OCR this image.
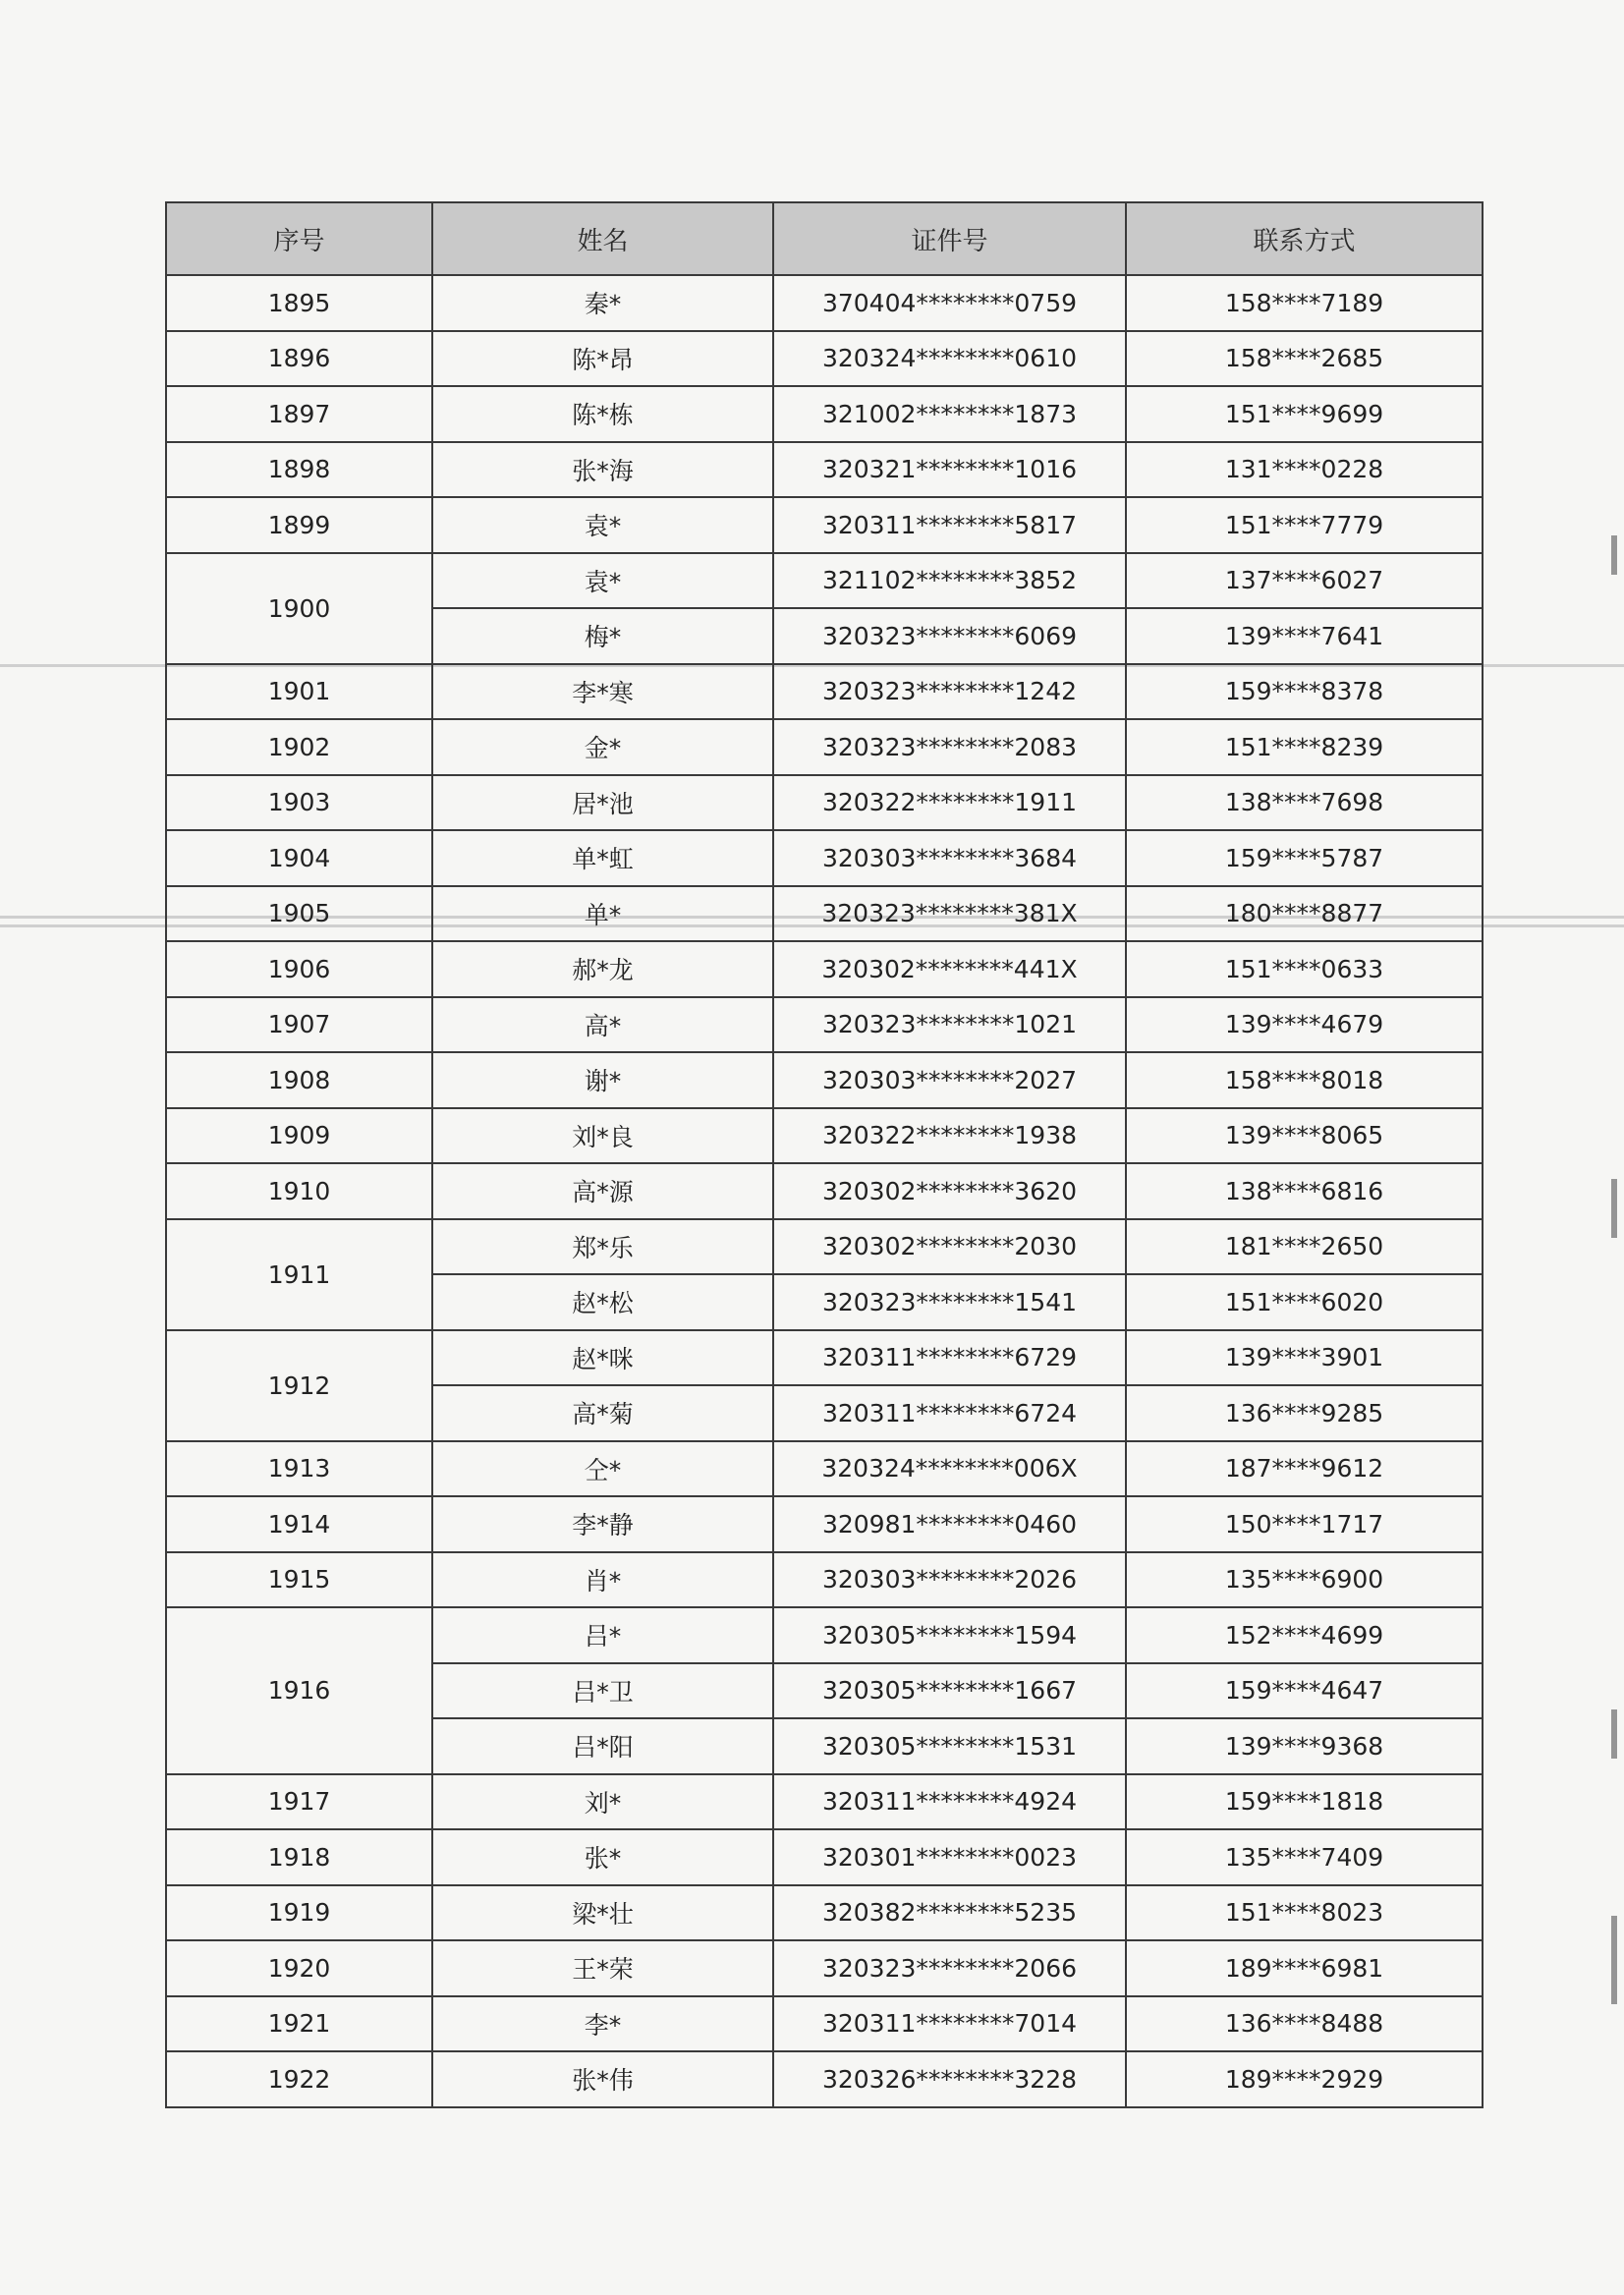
序号	姓名	证件号	联系方式
1895	秦*	370404********0759	158****7189
1896	陈*昂	320324********0610	158****2685
1897	陈*栋	321002********1873	151****9699
1898	张*海	320321********1016	131****0228
1899	袁*	320311********5817	151****7779
1900	袁*	321102********3852	137****6027
	梅*	320323********6069	139****7641
1901	李*寒	320323********1242	159****8378
1902	金*	320323********2083	151****8239
1903	居*池	320322********1911	138****7698
1904	单*虹	320303********3684	159****5787
1905	单*	320323********381X	180****8877
1906	郝*龙	320302********441X	151****0633
1907	高*	320323********1021	139****4679
1908	谢*	320303********2027	158****8018
1909	刘*良	320322********1938	139****8065
1910	高*源	320302********3620	138****6816
1911	郑*乐	320302********2030	181****2650
	赵*松	320323********1541	151****6020
1912	赵*咪	320311********6729	139****3901
	高*菊	320311********6724	136****9285
1913	仝*	320324********006X	187****9612
1914	李*静	320981********0460	150****1717
1915	肖*	320303********2026	135****6900
1916	吕*	320305********1594	152****4699
	吕*卫	320305********1667	159****4647
	吕*阳	320305********1531	139****9368
1917	刘*	320311********4924	159****1818
1918	张*	320301********0023	135****7409
1919	梁*壮	320382********5235	151****8023
1920	王*荣	320323********2066	189****6981
1921	李*	320311********7014	136****8488
1922	张*伟	320326********3228	189****2929
